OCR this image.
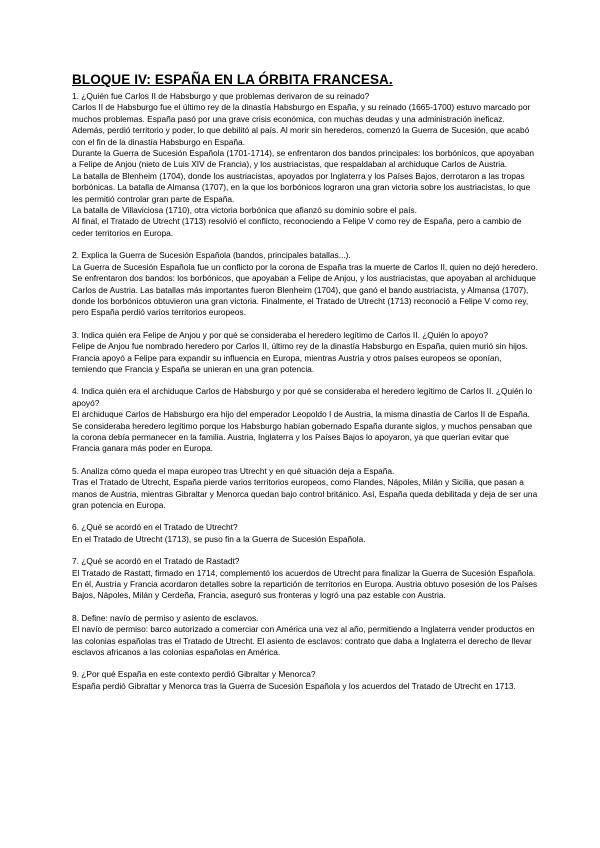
BLOQUE IV: ESPAÑA EN LA ÓRBITA FRANCESA.

1. ¿Quién fue Carlos II de Habsburgo y que problemas derivaron de su reinado?

Carlos II de Habsburgo fue el último rey de la dinastía Habsburgo en España, y su reinado (1665-1700) estuvo marcado por muchos problemas. España pasó por una grave crisis económica, con muchas deudas y una administración ineficaz. Además, perdió territorio y poder, lo que debilitó al país. Al morir sin herederos, comenzó la Guerra de Sucesión, que acabó con el fin de la dinastía Habsburgo en España.

Durante la Guerra de Sucesión Española (1701-1714), se enfrentaron dos bandos principales: los borbónicos, que apoyaban a Felipe de Anjou (nieto de Luis XIV de Francia), y los austriacistas, que respaldaban al archiduque Carlos de Austria.

La batalla de Blenheim (1704), donde los austriacistas, apoyados por Inglaterra y los Países Bajos, derrotaron a las tropas borbónicas. La batalla de Almansa (1707), en la que los borbónicos lograron una gran victoria sobre los austriacistas, lo que les permitió controlar gran parte de España.

La batalla de Villaviciosa (1710), otra victoria borbónica que afianzó su dominio sobre el país.

Al final, el Tratado de Utrecht (1713) resolvió el conflicto, reconociendo a Felipe V como rey de España, pero a cambio de ceder territorios en Europa.

2. Explica la Guerra de Sucesión Española (bandos, principales batallas...).

La Guerra de Sucesión Española fue un conflicto por la corona de España tras la muerte de Carlos II, quien no dejó heredero. Se enfrentaron dos bandos: los borbónicos, que apoyaban a Felipe de Anjou, y los austriacistas, que apoyaban al archiduque Carlos de Austria. Las batallas más importantes fueron Blenheim (1704), que ganó el bando austriacista, y Almansa (1707), donde los borbónicos obtuvieron una gran victoria. Finalmente, el Tratado de Utrecht (1713) reconoció a Felipe V como rey, pero España perdió varios territorios europeos.

3. Indica quién era Felipe de Anjou y por qué se consideraba el heredero legítimo de Carlos II. ¿Quién lo apoyo?

Felipe de Anjou fue nombrado heredero por Carlos II, último rey de la dinastía Habsburgo en España, quien murió sin hijos. Francia apoyó a Felipe para expandir su influencia en Europa, mientras Austria y otros países europeos se oponían, temiendo que Francia y España se unieran en una gran potencia.

4. Indica quién era el archiduque Carlos de Habsburgo y por qué se consideraba el heredero legítimo de Carlos II. ¿Quién lo apoyó?

El archiduque Carlos de Habsburgo era hijo del emperador Leopoldo I de Austria, la misma dinastía de Carlos II de España. Se consideraba heredero legítimo porque los Habsburgo habían gobernado España durante siglos, y muchos pensaban que la corona debía permanecer en la familia. Austria, Inglaterra y los Países Bajos lo apoyaron, ya que querían evitar que Francia ganara más poder en Europa.

5. Analiza cómo queda el mapa europeo tras Utrecht y en qué situación deja a España.

Tras el Tratado de Utrecht, España pierde varios territorios europeos, como Flandes, Nápoles, Milán y Sicilia, que pasan a manos de Austria, mientras Gibraltar y Menorca quedan bajo control británico. Así, España queda debilitada y deja de ser una gran potencia en Europa.

6. ¿Qué se acordó en el Tratado de Utrecht?

En el Tratado de Utrecht (1713), se puso fin a la Guerra de Sucesión Española.

7. ¿Qué se acordó en el Tratado de Rastadt?

El Tratado de Rastatt, firmado en 1714, complementó los acuerdos de Utrecht para finalizar la Guerra de Sucesión Española. En él, Austria y Francia acordaron detalles sobre la repartición de territorios en Europa. Austria obtuvo posesión de los Países Bajos, Nápoles, Milán y Cerdeña, Francia, aseguró sus fronteras y logró una paz estable con Austria.

8. Define: navío de permiso y asiento de esclavos.

El navío de permiso: barco autorizado a comerciar con América una vez al año, permitiendo a Inglaterra vender productos en las colonias españolas tras el Tratado de Utrecht. El asiento de esclavos: contrato que daba a Inglaterra el derecho de llevar esclavos africanos a las colonias españolas en América.

9. ¿Por qué España en este contexto perdió Gibraltar y Menorca?

España perdió Gibraltar y Menorca tras la Guerra de Sucesión Española y los acuerdos del Tratado de Utrecht en 1713.
